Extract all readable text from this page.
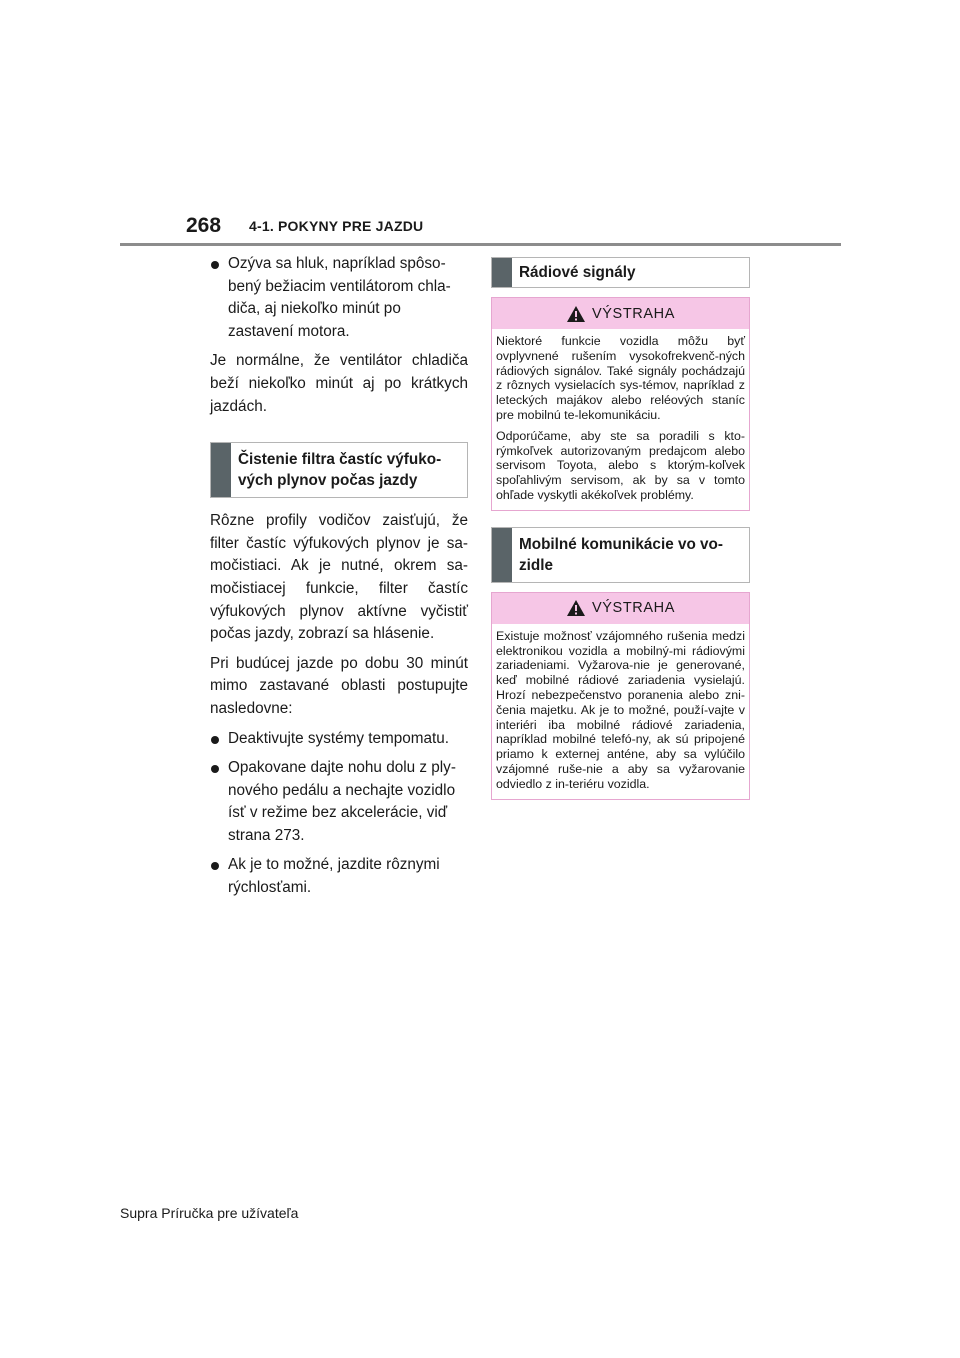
268 4-1. POKYNY PRE JAZDU
Ozýva sa hluk, napríklad spôso-bený bežiacim ventilátorom chla-diča, aj niekoľko minút po zastavení motora.

Je normálne, že ventilátor chladiča beží niekoľko minút aj po krátkych jazdách.

Čistenie filtra častíc výfuko-vých plynov počas jazdy

Rôzne profily vodičov zaisťujú, že filter častíc výfukových plynov je sa-močistiaci. Ak je nutné, okrem sa-močistiacej funkcie, filter častíc výfukových plynov aktívne vyčistiť počas jazdy, zobrazí sa hlásenie.

Pri budúcej jazde po dobu 30 minút mimo zastavané oblasti postupujte nasledovne:

Deaktivujte systémy tempomatu.
Opakovane dajte nohu dolu z ply-nového pedálu a nechajte vozidlo ísť v režime bez akcelerácie, viď strana 273.
Ak je to možné, jazdite rôznymi rýchlosťami.
Rádiové signály
VÝSTRAHA

Niektoré funkcie vozidla môžu byť ovplyvnené rušením vysokofrekvenč-ných rádiových signálov. Také signály pochádzajú z rôznych vysielacích sys-témov, napríklad z leteckých majákov alebo reléových staníc pre mobilnú te-lekomunikáciu.

Odporúčame, aby ste sa poradili s kto-rýmkoľvek autorizovaným predajcom alebo servisom Toyota, alebo s ktorým-koľvek spoľahlivým servisom, ak by sa v tomto ohľade vyskytli akékoľvek problémy.

Mobilné komunikácie vo vo-zidle
VÝSTRAHA

Existuje možnosť vzájomného rušenia medzi elektronikou vozidla a mobilný-mi rádiovými zariadeniami. Vyžarova-nie je generované, keď mobilné rádiové zariadenia vysielajú. Hrozí nebezpečenstvo poranenia alebo zni-čenia majetku. Ak je to možné, použí-vajte v interiéri iba mobilné rádiové zariadenia, napríklad mobilné telefó-ny, ak sú pripojené priamo k externej anténe, aby sa vylúčilo vzájomné ruše-nie a aby sa vyžarovanie odviedlo z in-teriéru vozidla.

Supra Príručka pre užívateľa
